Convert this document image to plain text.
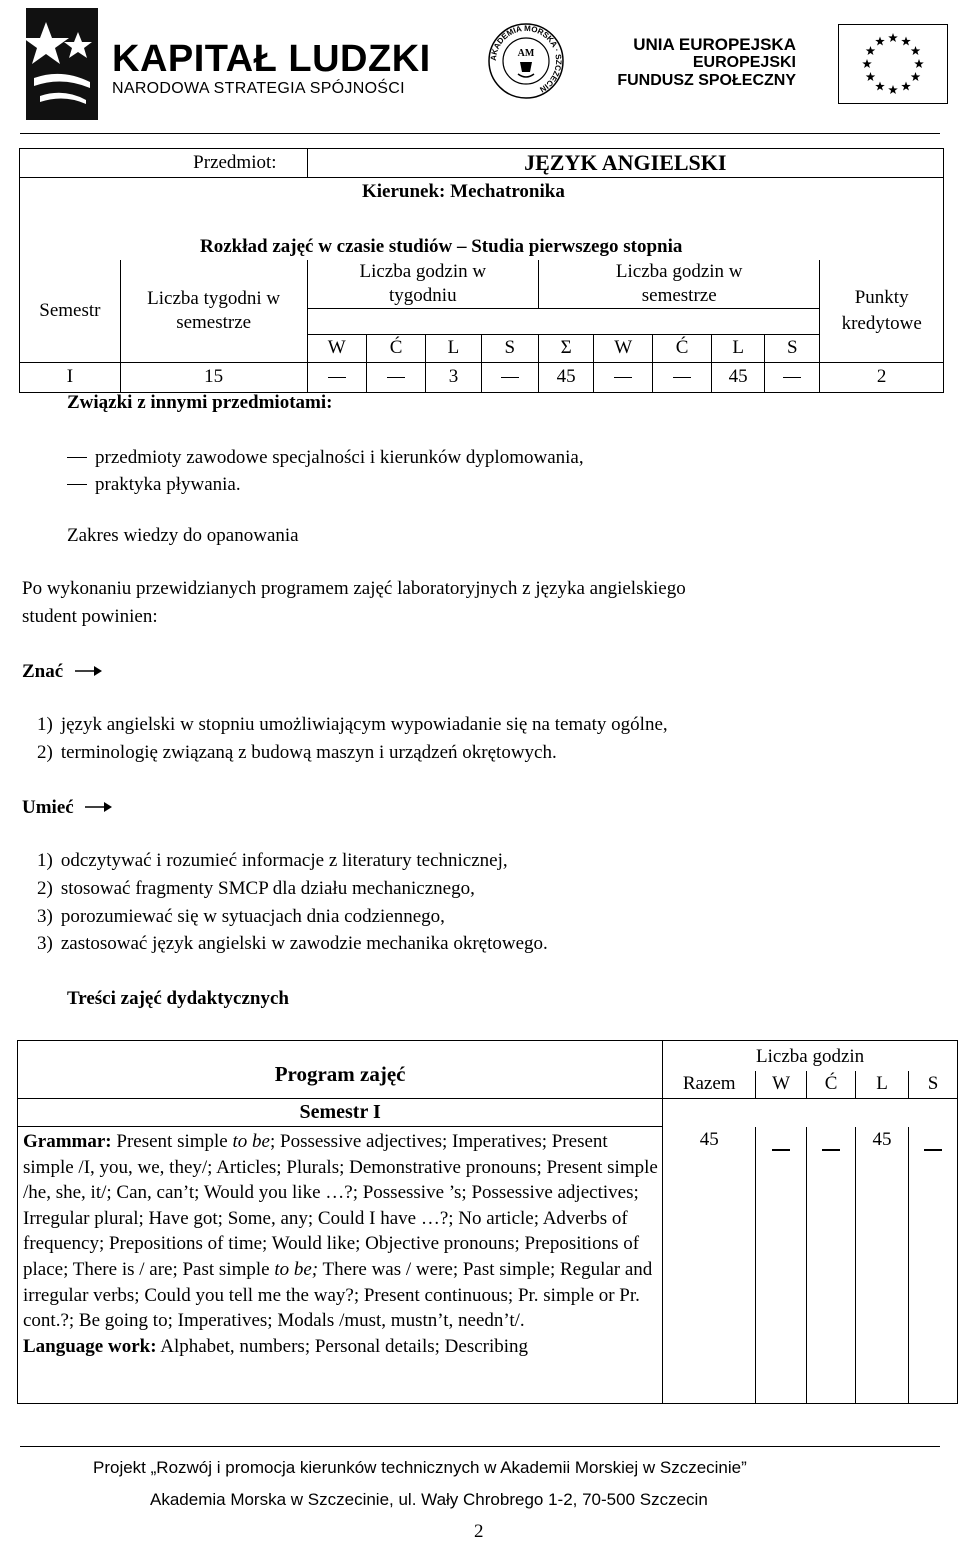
KAPITAŁ LUDZKI
NARODOWA STRATEGIA SPÓJNOŚCI
AKADEMIA MORSKA · SZCZECIN
AM	UNIA EUROPEJSKA
EUROPEJSKI
FUNDUSZ SPOŁECZNY
Przedmiot:		JĘZYK ANGIELSKI									
Kierunek: Mechatronika											
Rozkład zajęć w czasie studiów – Studia pierwszego stopnia											
Semestr	Liczba tygodni w semestrze	Liczba godzin w tygodniu				Liczba godzin w semestrze					Punkty kredytowe

		W	Ć	L	S	Σ	W	Ć	L	S	
I	15			3		45			45		2
Związki z innymi przedmiotami:
przedmioty zawodowe specjalności i kierunków dyplomowania,
praktyka pływania.
Zakres wiedzy do opanowania
Po wykonaniu przewidzianych programem zajęć laboratoryjnych z języka angielskiego
student powinien:
Znać
1) język angielski w stopniu umożliwiającym wypowiadanie się na tematy ogólne,
2) terminologię związaną z budową maszyn i urządzeń okrętowych.
Umieć
1) odczytywać i rozumieć informacje z literatury technicznej,
2) stosować fragmenty SMCP dla działu mechanicznego,
3) porozumiewać się w sytuacjach dnia codziennego,
3) zastosować język angielski w zawodzie mechanika okrętowego.
Treści zajęć dydaktycznych
Program zajęć	Liczba godzin				
	Razem	W	Ć	L	S
Semestr I					
Grammar: Present simple to be; Possessive adjectives; Imperatives; Present simple /I, you, we, they/; Articles; Plurals; Demonstrative pronouns; Present simple /he, she, it/; Can, can’t; Would you like …?; Possessive ’s; Possessive adjectives; Irregular plural; Have got; Some, any; Could I have …?; No article; Adverbs of frequency; Prepositions of time; Would like; Objective pronouns; Prepositions of place; There is / are; Past simple to be; There was / were; Past simple; Regular and irregular verbs; Could you tell me the way?; Present continuous; Pr. simple or Pr. cont.?; Be going to; Imperatives; Modals /must, mustn’t, needn’t/.
Language work: Alphabet, numbers; Personal details; Describing	45			45	
Projekt „Rozwój i promocja kierunków technicznych w Akademii Morskiej w Szczecinie”
Akademia Morska w Szczecinie, ul. Wały Chrobrego 1-2, 70-500 Szczecin
2
